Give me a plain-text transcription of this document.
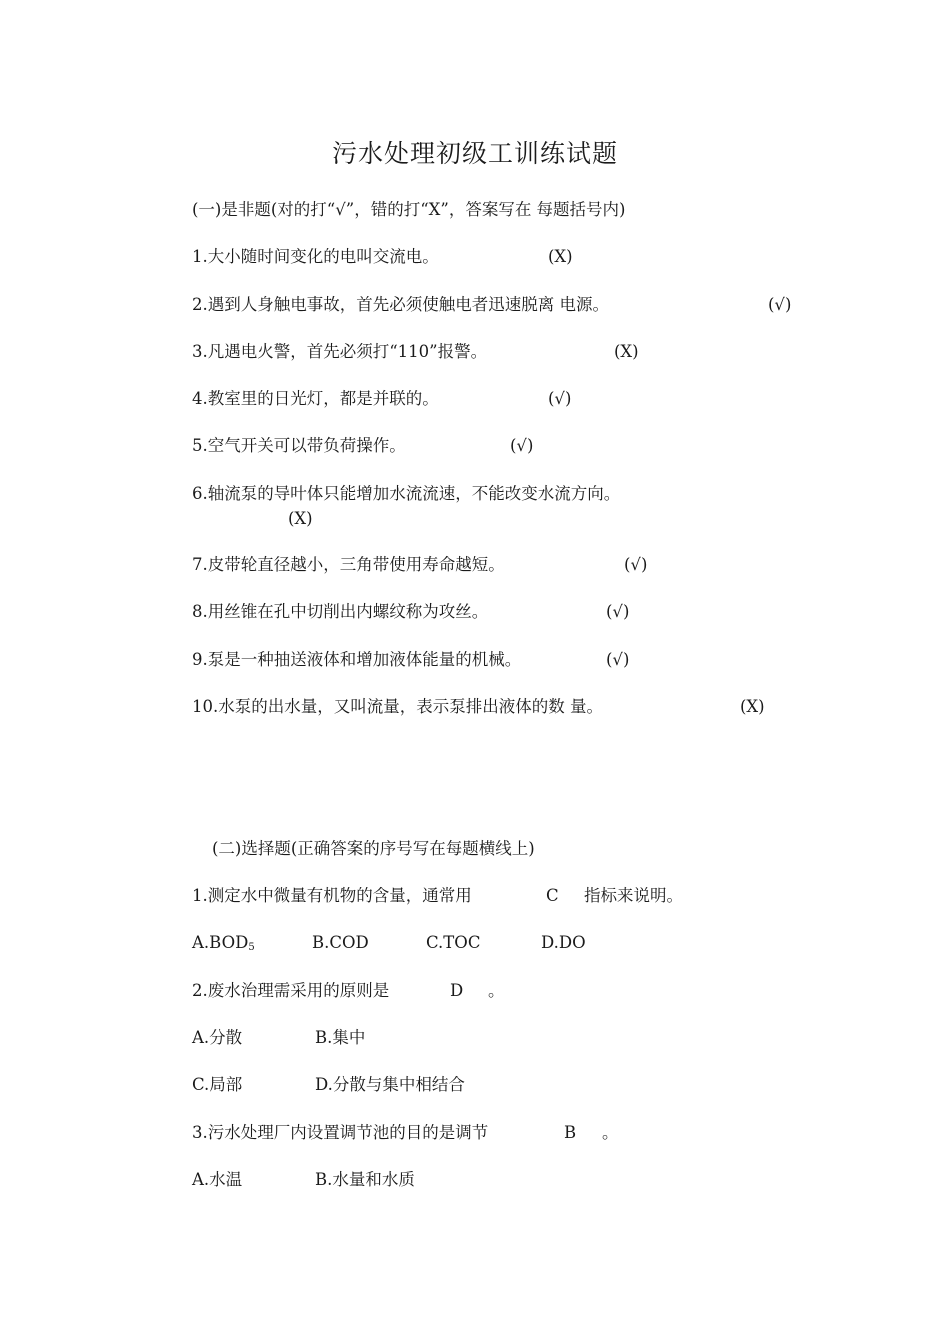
污水处理初级工训练试题
(一)是非题(对的打“√”，错的打“X”，答案写在 每题括号内)
1.大小随时间变化的电叫交流电。	(X)
2.遇到人身触电事故，首先必须使触电者迅速脱离 电源。	(√)
3.凡遇电火警，首先必须打“110”报警。	(X)
4.教室里的日光灯，都是并联的。	(√)
5.空气开关可以带负荷操作。	(√)
6.轴流泵的导叶体只能增加水流流速，不能改变水流方向。
(X)
7.皮带轮直径越小，三角带使用寿命越短。	(√)
8.用丝锥在孔中切削出内螺纹称为攻丝。	(√)
9.泵是一种抽送液体和增加液体能量的机械。	(√)
10.水泵的出水量，又叫流量，表示泵排出液体的数 量。	(X)
(二)选择题(正确答案的序号写在每题横线上)
1.测定水中微量有机物的含量，通常用	C 指标来说明。
$A.BOD_5$	B.COD	C.TOC	D.DO
2.废水治理需采用的原则是	D 。
A.分散	B.集中
C.局部	D.分散与集中相结合
3.污水处理厂内设置调节池的目的是调节	B 。
A.水温	B.水量和水质
